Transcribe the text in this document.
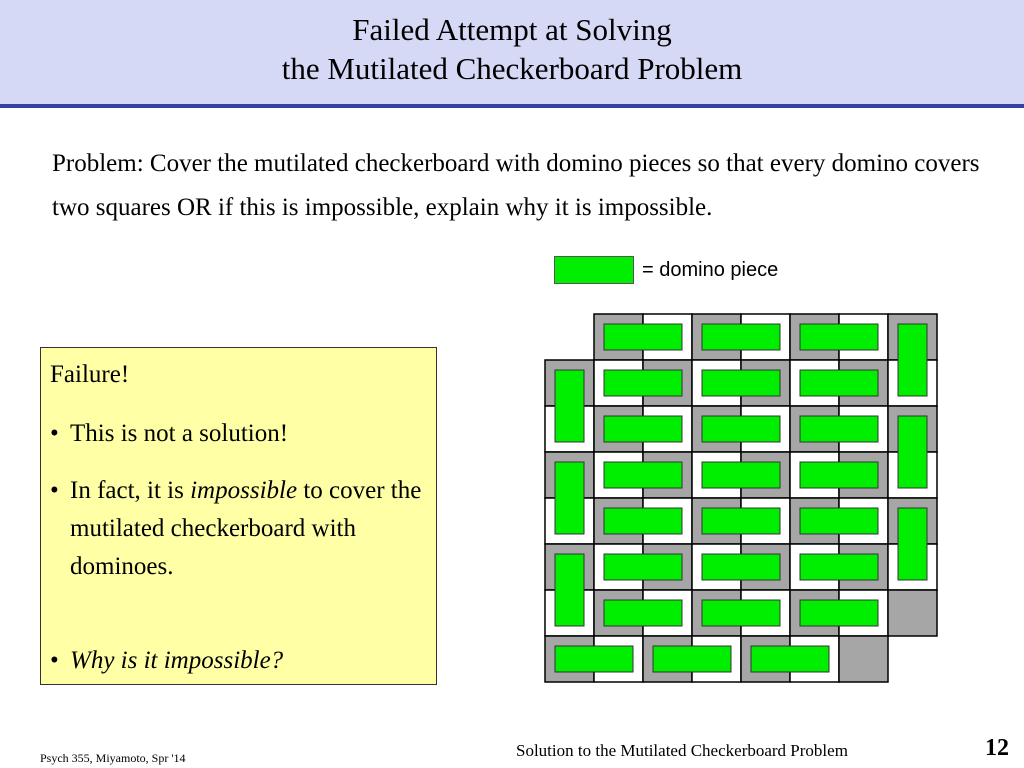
Failed Attempt at Solving
the Mutilated Checkerboard Problem
Problem: Cover the mutilated checkerboard with domino pieces so that every domino covers two squares OR if this is impossible, explain why it is impossible.
= domino piece
Failure!
• This is not a solution!
• In fact, it is impossible to cover the mutilated checkerboard with dominoes.
• Why is it impossible?
Psych 355, Miyamoto, Spr '14	Solution to the Mutilated Checkerboard Problem	12
